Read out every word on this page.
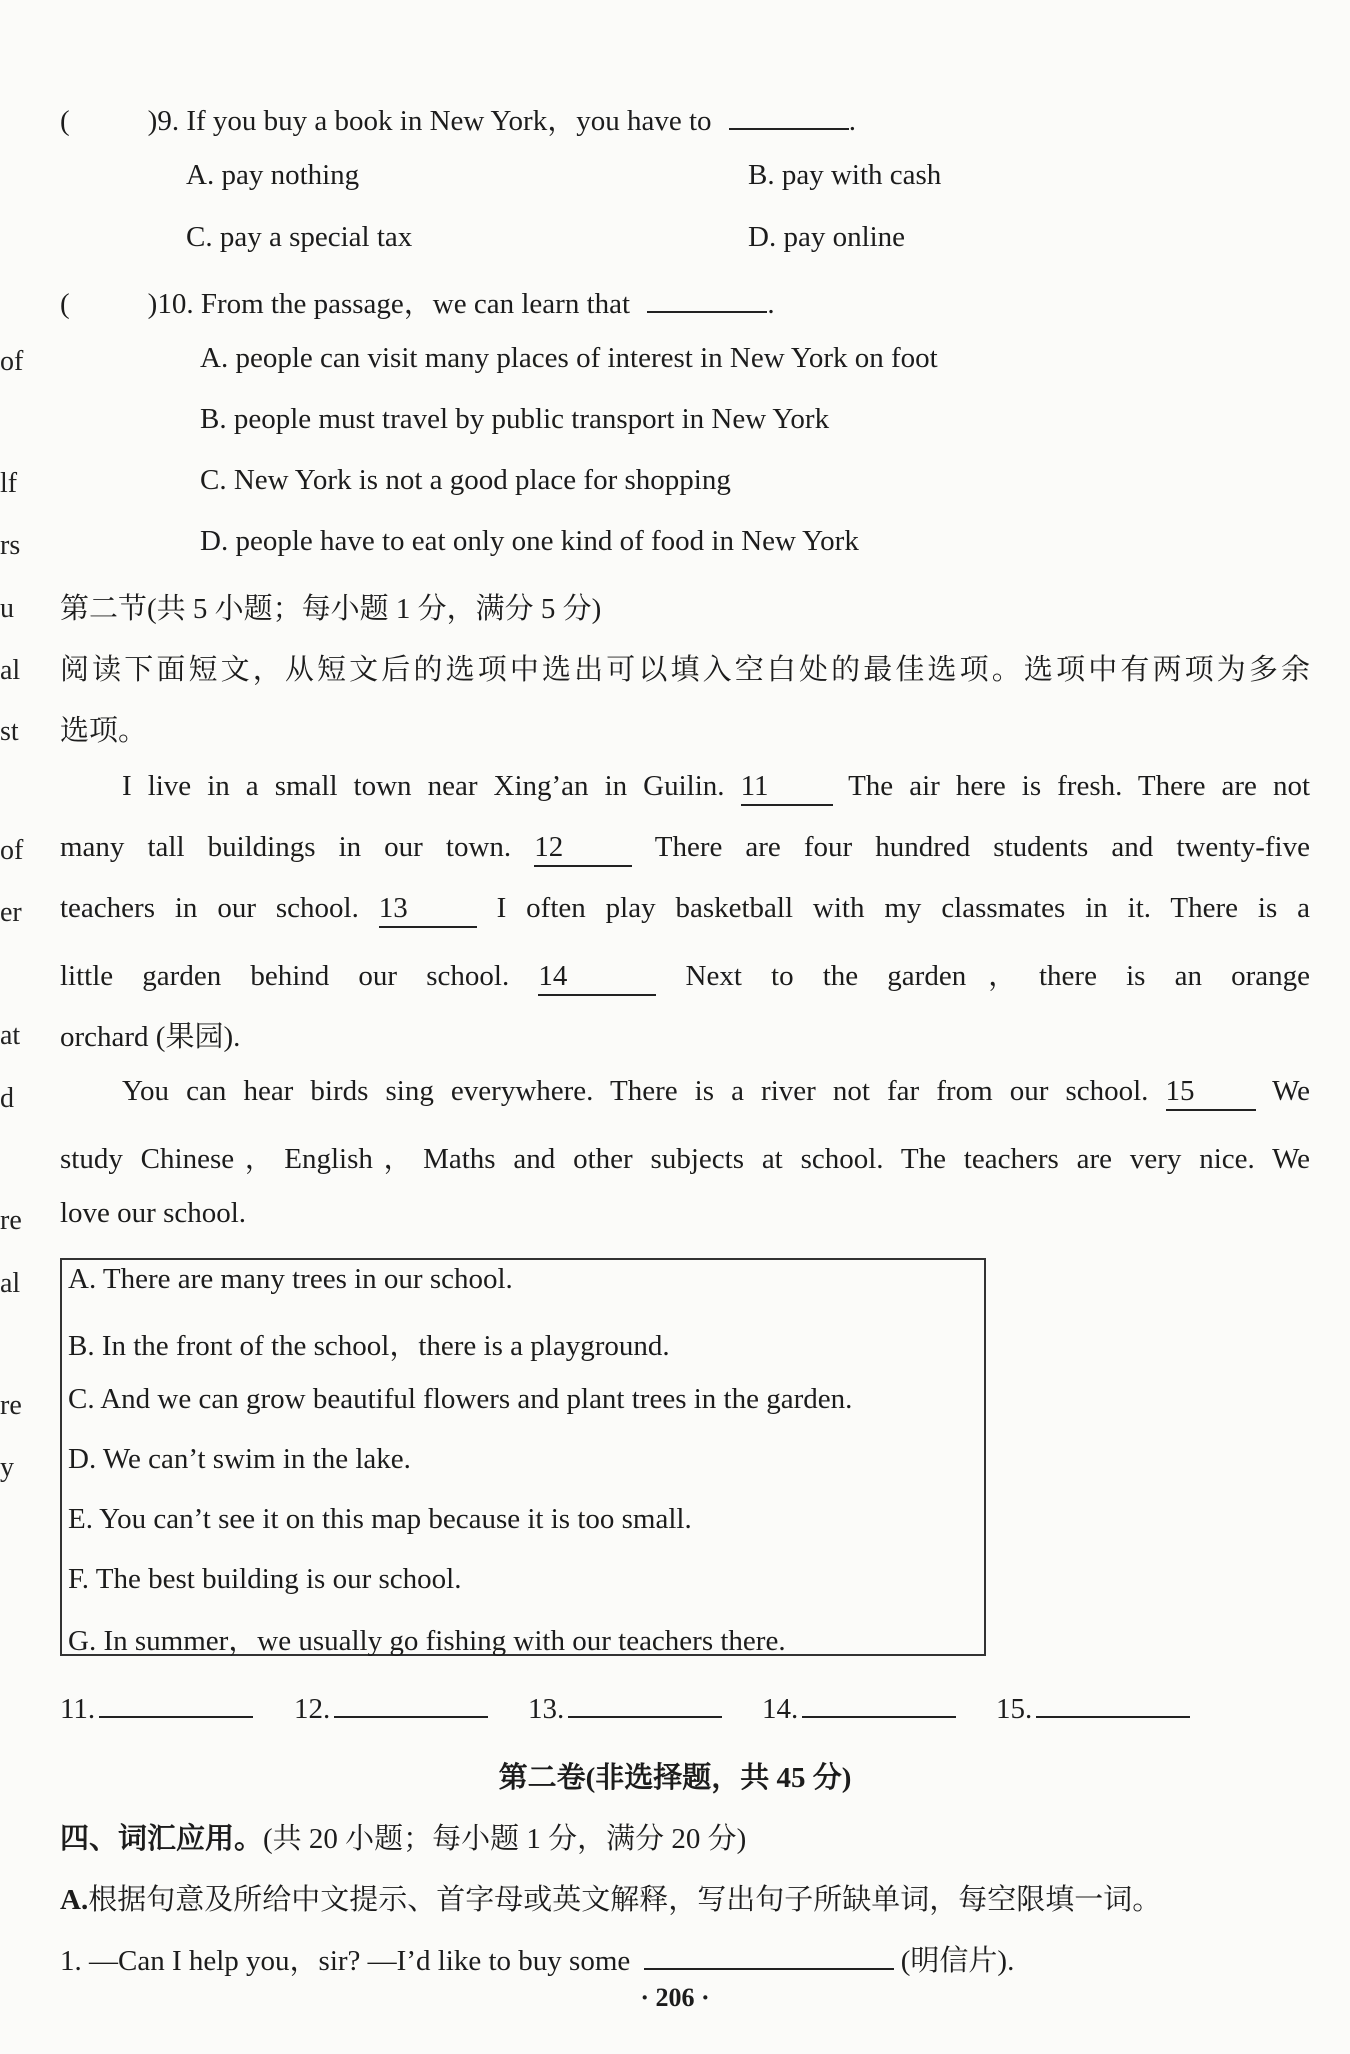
of
lf
rs
u
al
st
of
er
at
d
re
al
re
y
(	)9. If you buy a book in New York，you have to	.
A. pay nothing	B. pay with cash
C. pay a special tax	D. pay online
(	)10. From the passage，we can learn that	.
A. people can visit many places of interest in New York on foot
B. people must travel by public transport in New York
C. New York is not a good place for shopping
D. people have to eat only one kind of food in New York
第二节(共 5 小题；每小题 1 分，满分 5 分)
阅读下面短文，从短文后的选项中选出可以填入空白处的最佳选项。选项中有两项为多余
选项。
I live in a small town near Xing’an in Guilin. 11	The air here is fresh. There are not
many tall buildings in our town. 12	There are four hundred students and twenty-five
teachers in our school. 13	I often play basketball with my classmates in it. There is a
little garden behind our school. 14	Next to the garden，there is an orange
orchard (果园).
You can hear birds sing everywhere. There is a river not far from our school. 15	We
study Chinese，English，Maths and other subjects at school. The teachers are very nice. We
love our school.
A. There are many trees in our school.
B. In the front of the school，there is a playground.
C. And we can grow beautiful flowers and plant trees in the garden.
D. We can’t swim in the lake.
E. You can’t see it on this map because it is too small.
F. The best building is our school.
G. In summer，we usually go fishing with our teachers there.
11.	12.	13.	14.	15.
第二卷(非选择题，共 45 分)
四、词汇应用。(共 20 小题；每小题 1 分，满分 20 分)
A.根据句意及所给中文提示、首字母或英文解释，写出句子所缺单词，每空限填一词。
1. —Can I help you，sir? —I’d like to buy some	(明信片).
· 206 ·
